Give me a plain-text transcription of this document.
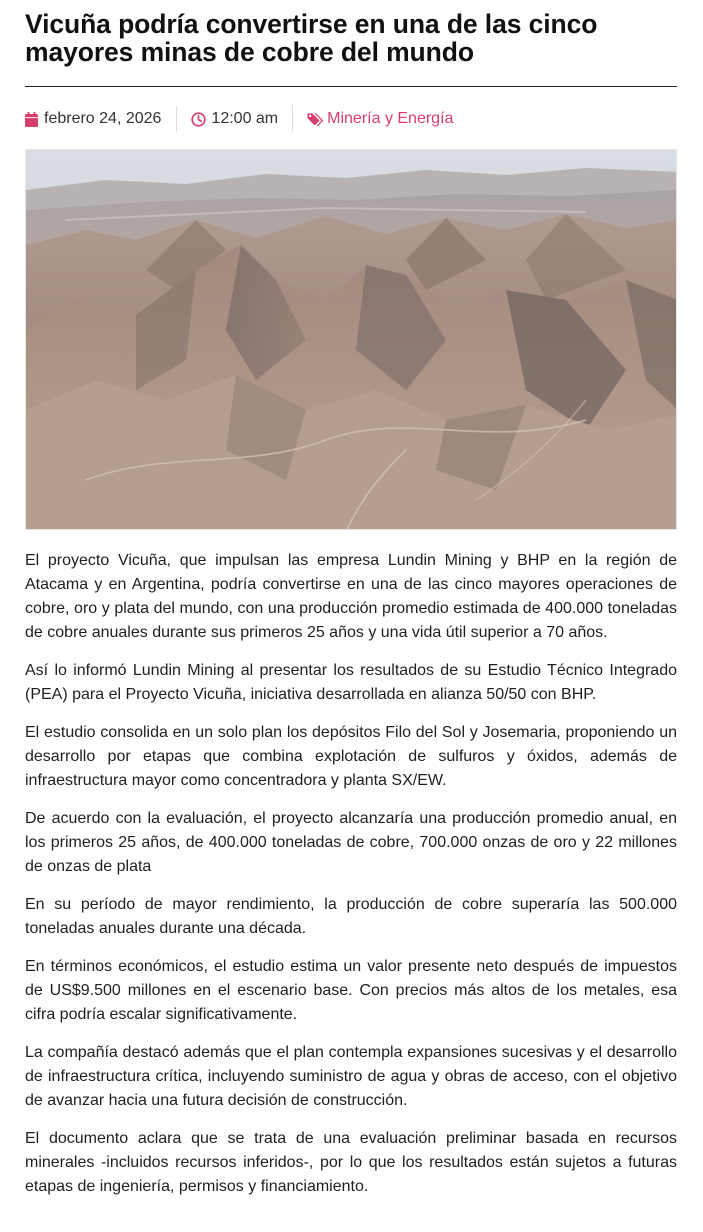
Vicuña podría convertirse en una de las cinco mayores minas de cobre del mundo
febrero 24, 2026	12:00 am	Minería y Energía

El proyecto Vicuña, que impulsan las empresa Lundin Mining y BHP en la región de Atacama y en Argentina, podría convertirse en una de las cinco mayores operaciones de cobre, oro y plata del mundo, con una producción promedio estimada de 400.000 toneladas de cobre anuales durante sus primeros 25 años y una vida útil superior a 70 años.

Así lo informó Lundin Mining al presentar los resultados de su Estudio Técnico Integrado (PEA) para el Proyecto Vicuña, iniciativa desarrollada en alianza 50/50 con BHP.

El estudio consolida en un solo plan los depósitos Filo del Sol y Josemaria, proponiendo un desarrollo por etapas que combina explotación de sulfuros y óxidos, además de infraestructura mayor como concentradora y planta SX/EW.

De acuerdo con la evaluación, el proyecto alcanzaría una producción promedio anual, en los primeros 25 años, de 400.000 toneladas de cobre, 700.000 onzas de oro y 22 millones de onzas de plata

En su período de mayor rendimiento, la producción de cobre superaría las 500.000 toneladas anuales durante una década.

En términos económicos, el estudio estima un valor presente neto después de impuestos de US$9.500 millones en el escenario base. Con precios más altos de los metales, esa cifra podría escalar significativamente.

La compañía destacó además que el plan contempla expansiones sucesivas y el desarrollo de infraestructura crítica, incluyendo suministro de agua y obras de acceso, con el objetivo de avanzar hacia una futura decisión de construcción.

El documento aclara que se trata de una evaluación preliminar basada en recursos minerales -incluidos recursos inferidos-, por lo que los resultados están sujetos a futuras etapas de ingeniería, permisos y financiamiento.
